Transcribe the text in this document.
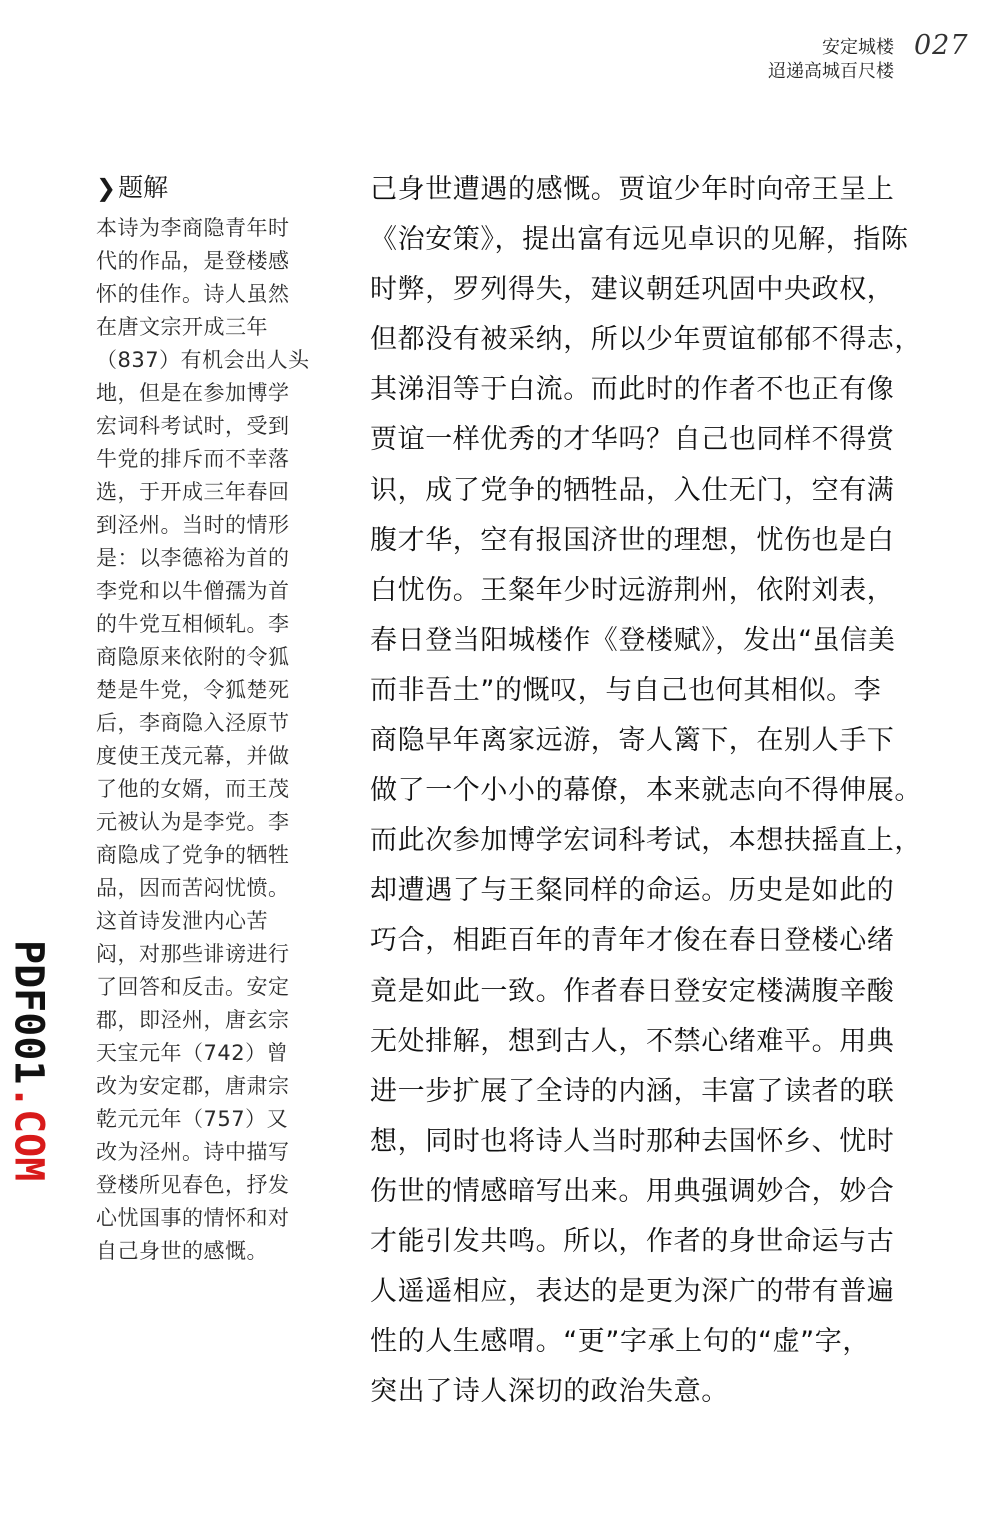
安定城楼
迢递高城百尺楼
027
❯题解
本诗为李商隐青年时
代的作品，是登楼感
怀的佳作。诗人虽然
在唐文宗开成三年
（837）有机会出人头
地，但是在参加博学
宏词科考试时，受到
牛党的排斥而不幸落
选，于开成三年春回
到泾州。当时的情形
是：以李德裕为首的
李党和以牛僧孺为首
的牛党互相倾轧。李
商隐原来依附的令狐
楚是牛党，令狐楚死
后，李商隐入泾原节
度使王茂元幕，并做
了他的女婿，而王茂
元被认为是李党。李
商隐成了党争的牺牲
品，因而苦闷忧愤。
这首诗发泄内心苦
闷，对那些诽谤进行
了回答和反击。安定
郡，即泾州，唐玄宗
天宝元年（742）曾
改为安定郡，唐肃宗
乾元元年（757）又
改为泾州。诗中描写
登楼所见春色，抒发
心忧国事的情怀和对
自己身世的感慨。
己身世遭遇的感慨。贾谊少年时向帝王呈上
《治安策》，提出富有远见卓识的见解，指陈
时弊，罗列得失，建议朝廷巩固中央政权，
但都没有被采纳，所以少年贾谊郁郁不得志，
其涕泪等于白流。而此时的作者不也正有像
贾谊一样优秀的才华吗？自己也同样不得赏
识，成了党争的牺牲品，入仕无门，空有满
腹才华，空有报国济世的理想，忧伤也是白
白忧伤。王粲年少时远游荆州，依附刘表，
春日登当阳城楼作《登楼赋》，发出“虽信美
而非吾土”的慨叹，与自己也何其相似。李
商隐早年离家远游，寄人篱下，在别人手下
做了一个小小的幕僚，本来就志向不得伸展。
而此次参加博学宏词科考试，本想扶摇直上，
却遭遇了与王粲同样的命运。历史是如此的
巧合，相距百年的青年才俊在春日登楼心绪
竟是如此一致。作者春日登安定楼满腹辛酸
无处排解，想到古人，不禁心绪难平。用典
进一步扩展了全诗的内涵，丰富了读者的联
想，同时也将诗人当时那种去国怀乡、忧时
伤世的情感暗写出来。用典强调妙合，妙合
才能引发共鸣。所以，作者的身世命运与古
人遥遥相应，表达的是更为深广的带有普遍
性的人生感喟。“更”字承上句的“虚”字，
突出了诗人深切的政治失意。
PDF001
.COM
